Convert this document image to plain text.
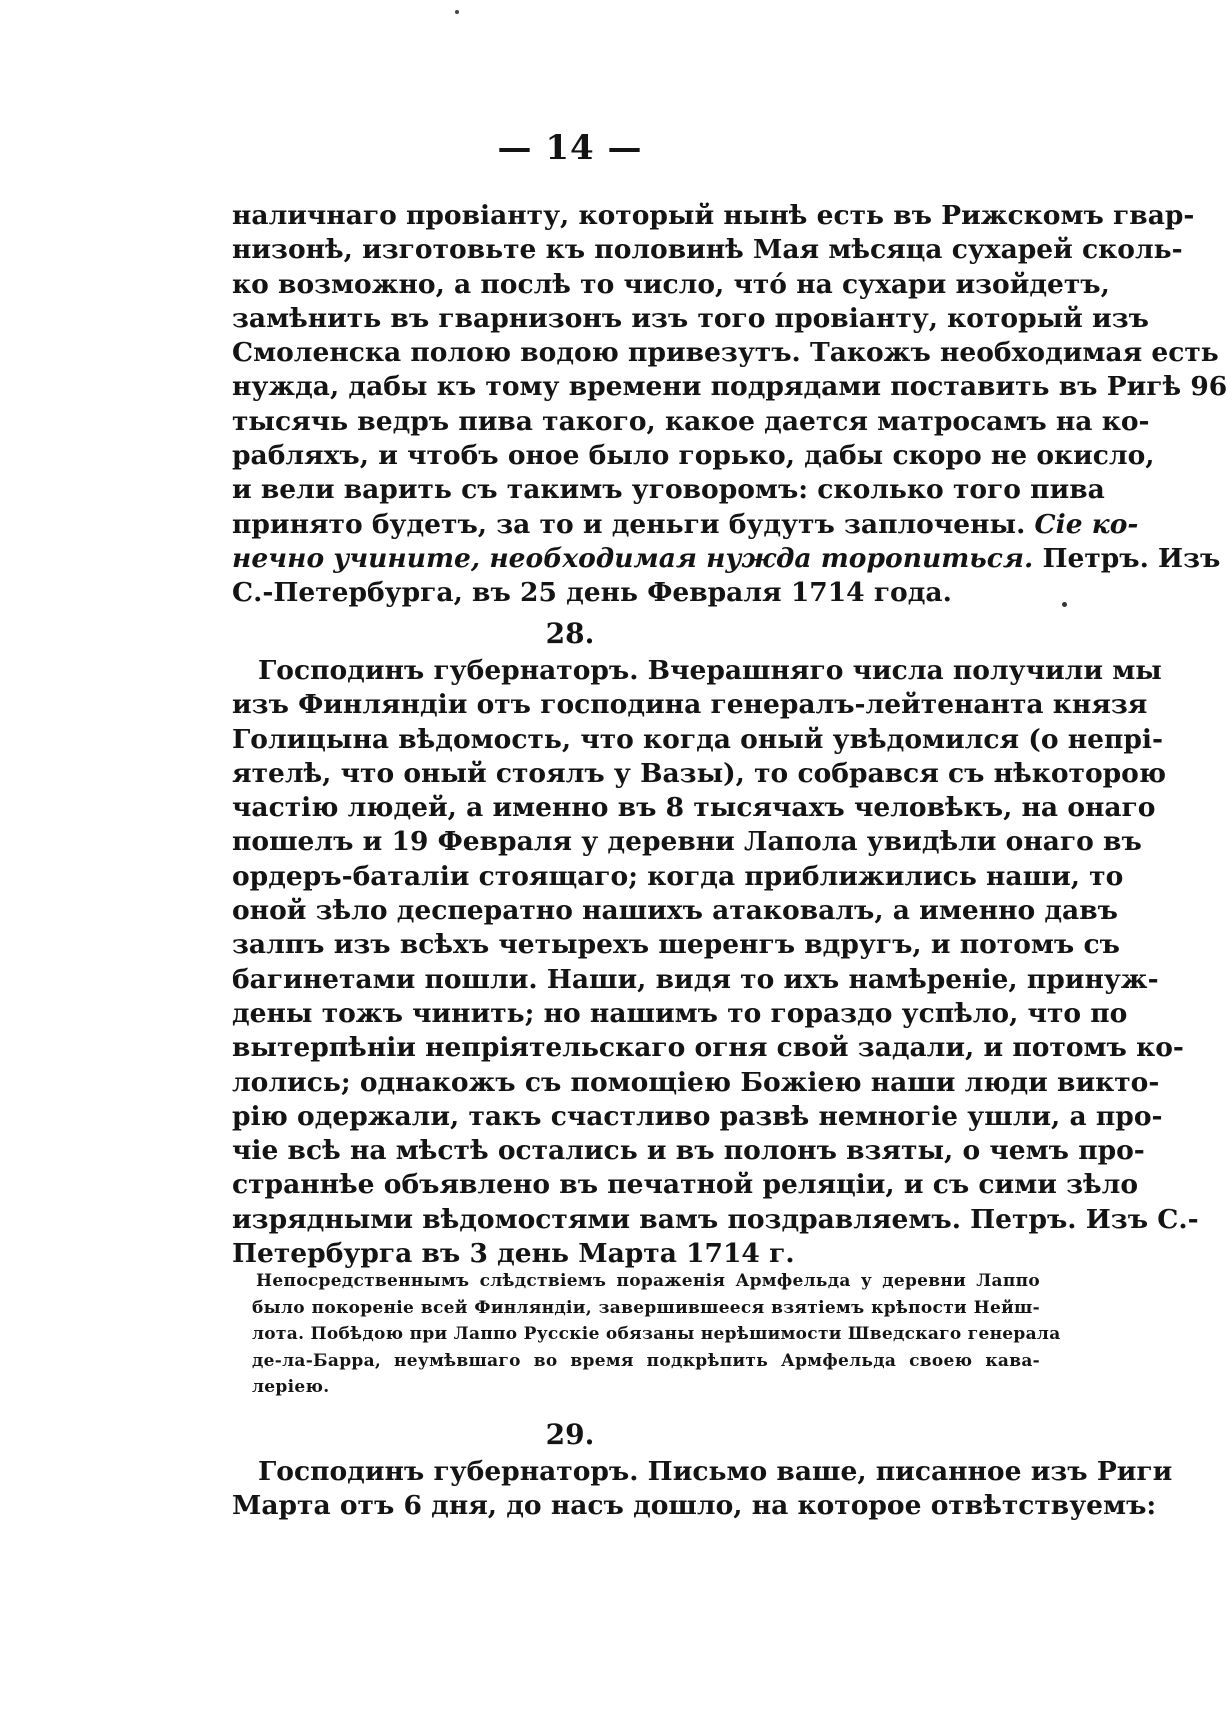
— 14 —
наличнаго провіанту, который нынѣ есть въ Рижскомъ гвар-
низонѣ, изготовьте къ половинѣ Мая мѣсяца сухарей сколь-
ко возможно, а послѣ то число, чтó на сухари изойдетъ,
замѣнить въ гварнизонъ изъ того провіанту, который изъ
Смоленска полою водою привезутъ. Такожъ необходимая есть
нужда, дабы къ тому времени подрядами поставить въ Ригѣ 96
тысячь ведръ пива такого, какое дается матросамъ на ко-
рабляхъ, и чтобъ оное было горько, дабы скоро не окисло,
и вели варить съ такимъ уговоромъ: сколько того пива
принято будетъ, за то и деньги будутъ заплочены. Сіе ко-
нечно учините, необходимая нужда торопиться. Петръ. Изъ
С.-Петербурга, въ 25 день Февраля 1714 года.
28.
Господинъ губернаторъ. Вчерашняго числа получили мы
изъ Финляндіи отъ господина генералъ-лейтенанта князя
Голицына вѣдомость, что когда оный увѣдомился (о непрі-
ятелѣ, что оный стоялъ у Вазы), то собрався съ нѣкоторою
частію людей, а именно въ 8 тысячахъ человѣкъ, на онаго
пошелъ и 19 Февраля у деревни Лапола увидѣли онаго въ
ордеръ-баталіи стоящаго; когда приближились наши, то
оной зѣло десператно нашихъ атаковалъ, а именно давъ
залпъ изъ всѣхъ четырехъ шеренгъ вдругъ, и потомъ съ
багинетами пошли. Наши, видя то ихъ намѣреніе, принуж-
дены тожъ чинить; но нашимъ то гораздо успѣло, что по
вытерпѣніи непріятельскаго огня свой задали, и потомъ ко-
лолись; однакожъ съ помощіею Божіею наши люди викто-
рію одержали, такъ счастливо развѣ немногіе ушли, а про-
чіе всѣ на мѣстѣ остались и въ полонъ взяты, о чемъ про-
страннѣе объявлено въ печатной реляціи, и съ сими зѣло
изрядными вѣдомостями вамъ поздравляемъ. Петръ. Изъ С.-
Петербурга въ 3 день Марта 1714 г.
Непосредственнымъ слѣдствіемъ пораженія Армфельда у деревни Лаппо
было покореніе всей Финляндіи, завершившееся взятіемъ крѣпости Нейш-
лота. Побѣдою при Лаппо Русскіе обязаны нерѣшимости Шведскаго генерала
де-ла-Барра, неумѣвшаго во время подкрѣпить Армфельда своею кава-
леріею.
29.
Господинъ губернаторъ. Письмо ваше, писанное изъ Риги
Марта отъ 6 дня, до насъ дошло, на которое отвѣтствуемъ:
